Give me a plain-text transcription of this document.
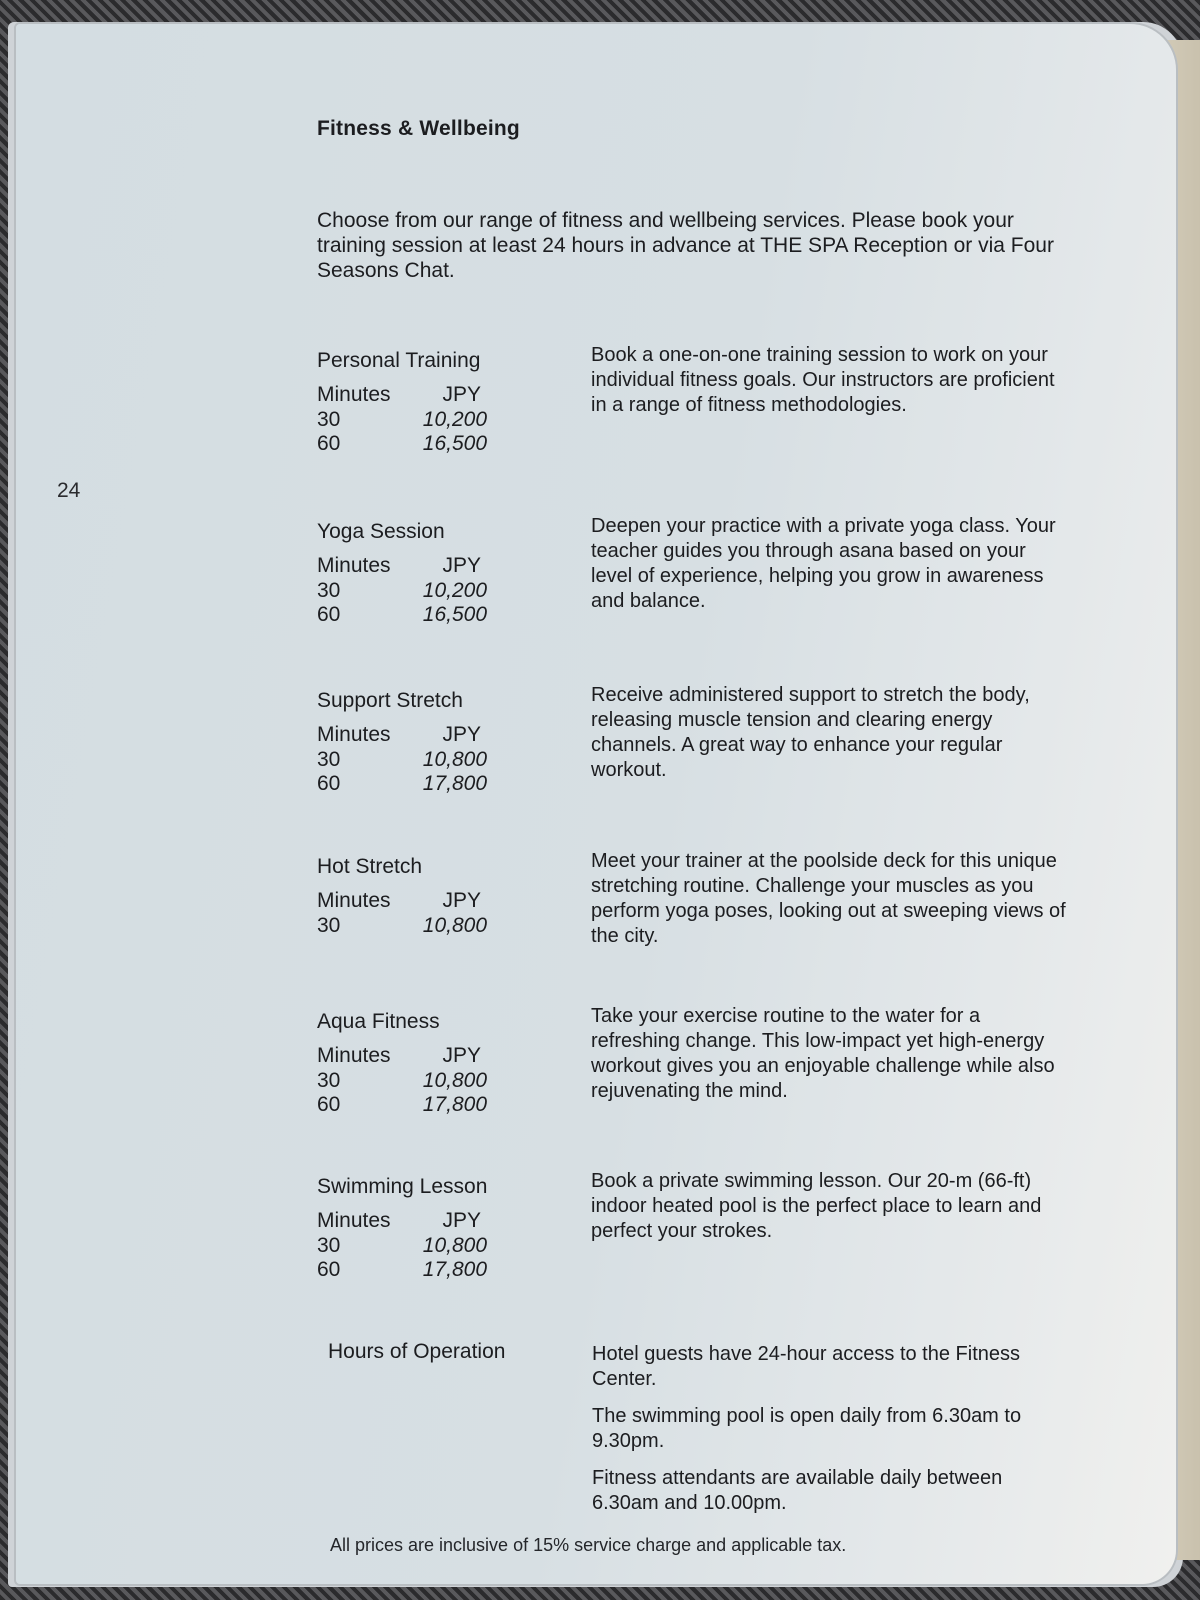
24
Fitness & Wellbeing
Choose from our range of fitness and wellbeing services. Please book your training session at least 24 hours in advance at THE SPA Reception or via Four Seasons Chat.
Personal Training
Minutes	JPY
30	10,200
60	16,500
Book a one-on-one training session to work on your individual fitness goals. Our instructors are proficient in a range of fitness methodologies.
Yoga Session
Minutes	JPY
30	10,200
60	16,500
Deepen your practice with a private yoga class. Your teacher guides you through asana based on your level of experience, helping you grow in awareness and balance.
Support Stretch
Minutes	JPY
30	10,800
60	17,800
Receive administered support to stretch the body, releasing muscle tension and clearing energy channels. A great way to enhance your regular workout.
Hot Stretch
Minutes	JPY
30	10,800
Meet your trainer at the poolside deck for this unique stretching routine. Challenge your muscles as you perform yoga poses, looking out at sweeping views of the city.
Aqua Fitness
Minutes	JPY
30	10,800
60	17,800
Take your exercise routine to the water for a refreshing change. This low-impact yet high-energy workout gives you an enjoyable challenge while also rejuvenating the mind.
Swimming Lesson
Minutes	JPY
30	10,800
60	17,800
Book a private swimming lesson. Our 20-m (66-ft) indoor heated pool is the perfect place to learn and perfect your strokes.
Hours of Operation	Hotel guests have 24-hour access to the Fitness Center.

The swimming pool is open daily from 6.30am to 9.30pm.

Fitness attendants are available daily between 6.30am and 10.00pm.

All prices are inclusive of 15% service charge and applicable tax.
